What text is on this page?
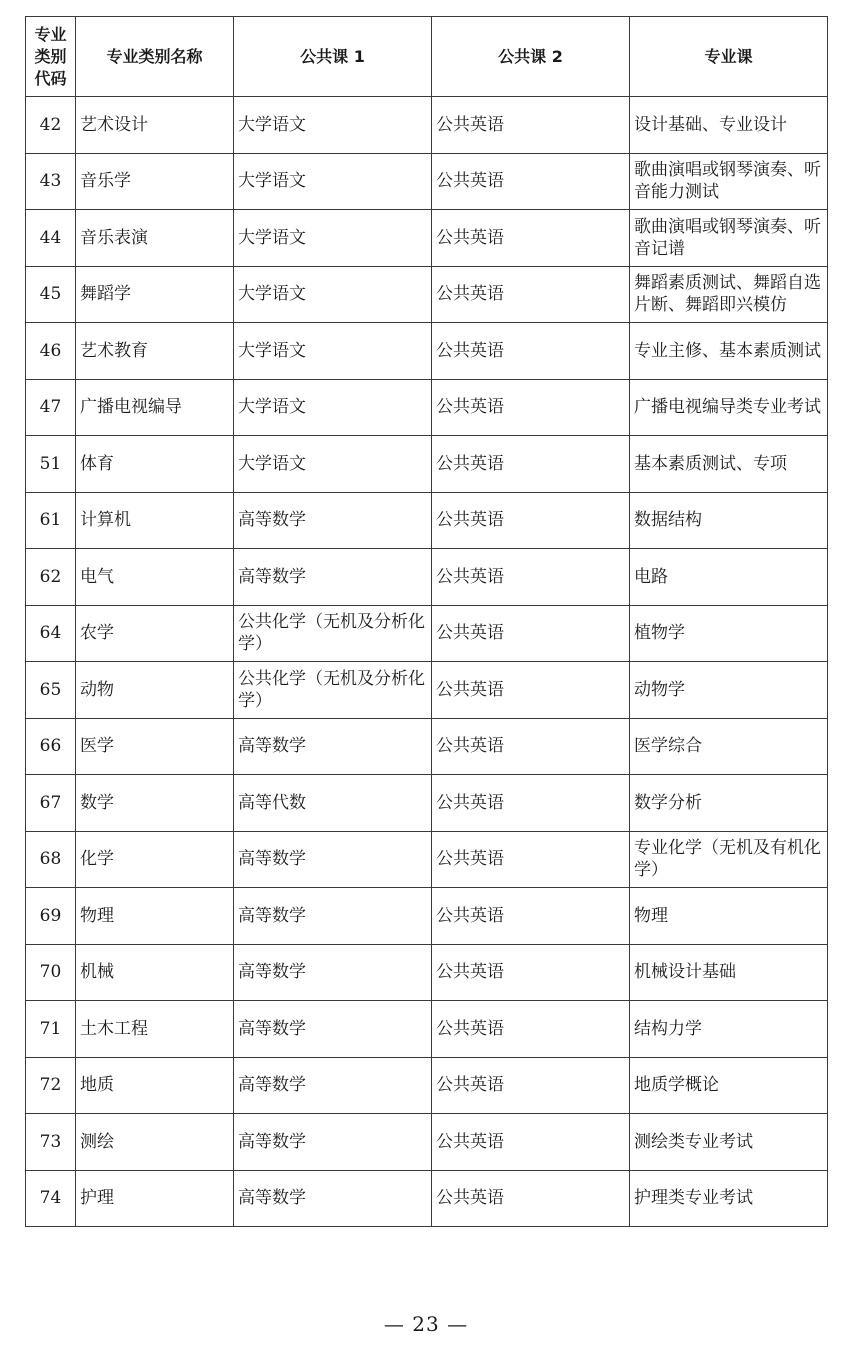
专业类别代码	专业类别名称	公共课 1	公共课 2	专业课
42	艺术设计	大学语文	公共英语	设计基础、专业设计
43	音乐学	大学语文	公共英语	歌曲演唱或钢琴演奏、听音能力测试
44	音乐表演	大学语文	公共英语	歌曲演唱或钢琴演奏、听音记谱
45	舞蹈学	大学语文	公共英语	舞蹈素质测试、舞蹈自选片断、舞蹈即兴模仿
46	艺术教育	大学语文	公共英语	专业主修、基本素质测试
47	广播电视编导	大学语文	公共英语	广播电视编导类专业考试
51	体育	大学语文	公共英语	基本素质测试、专项
61	计算机	高等数学	公共英语	数据结构
62	电气	高等数学	公共英语	电路
64	农学	公共化学（无机及分析化学）	公共英语	植物学
65	动物	公共化学（无机及分析化学）	公共英语	动物学
66	医学	高等数学	公共英语	医学综合
67	数学	高等代数	公共英语	数学分析
68	化学	高等数学	公共英语	专业化学（无机及有机化学）
69	物理	高等数学	公共英语	物理
70	机械	高等数学	公共英语	机械设计基础
71	土木工程	高等数学	公共英语	结构力学
72	地质	高等数学	公共英语	地质学概论
73	测绘	高等数学	公共英语	测绘类专业考试
74	护理	高等数学	公共英语	护理类专业考试
— 23 —
